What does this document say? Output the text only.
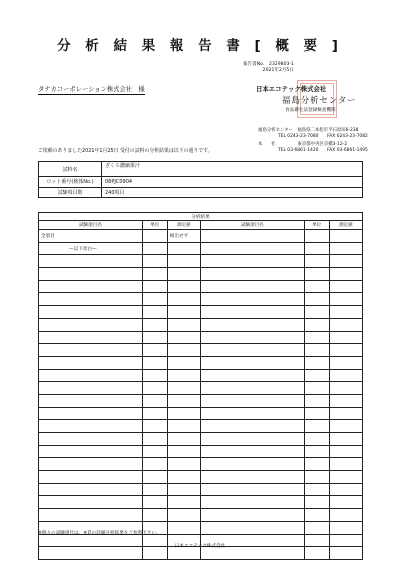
分 析 結 果 報 告 書 [ 概 要 ]
報告書No.　2329803-1
2021年2月5日
タナカコーポレーション株式会社　様	日本エコテック株式会社
福島分析センター
食品衛生法登録検査機関
福島分析センター　福島県二本松市平石原田6-238
TEL 0243-23-7080　　FAX 0243-23-7082
本　　社　　　　　東京都中央区京橋3-12-2
TEL 03-6861-1420　　FAX 03-6861-1495
ご依頼のありました2021年1月25日 受付の試料の分析結果は以下の通りです。
試料名	ざくろ濃縮果汁
ロット番号(検体No.)	08PJC0904
試験項目数	240項目
分析結果					
試験項目名	単位	測定値	試験項目名	単位	測定値
全項目		検出せず			
―以下余白―					

※個々の試験項目は、※頁の詳細分析結果をご参照下さい。
日本エコテック株式会社
